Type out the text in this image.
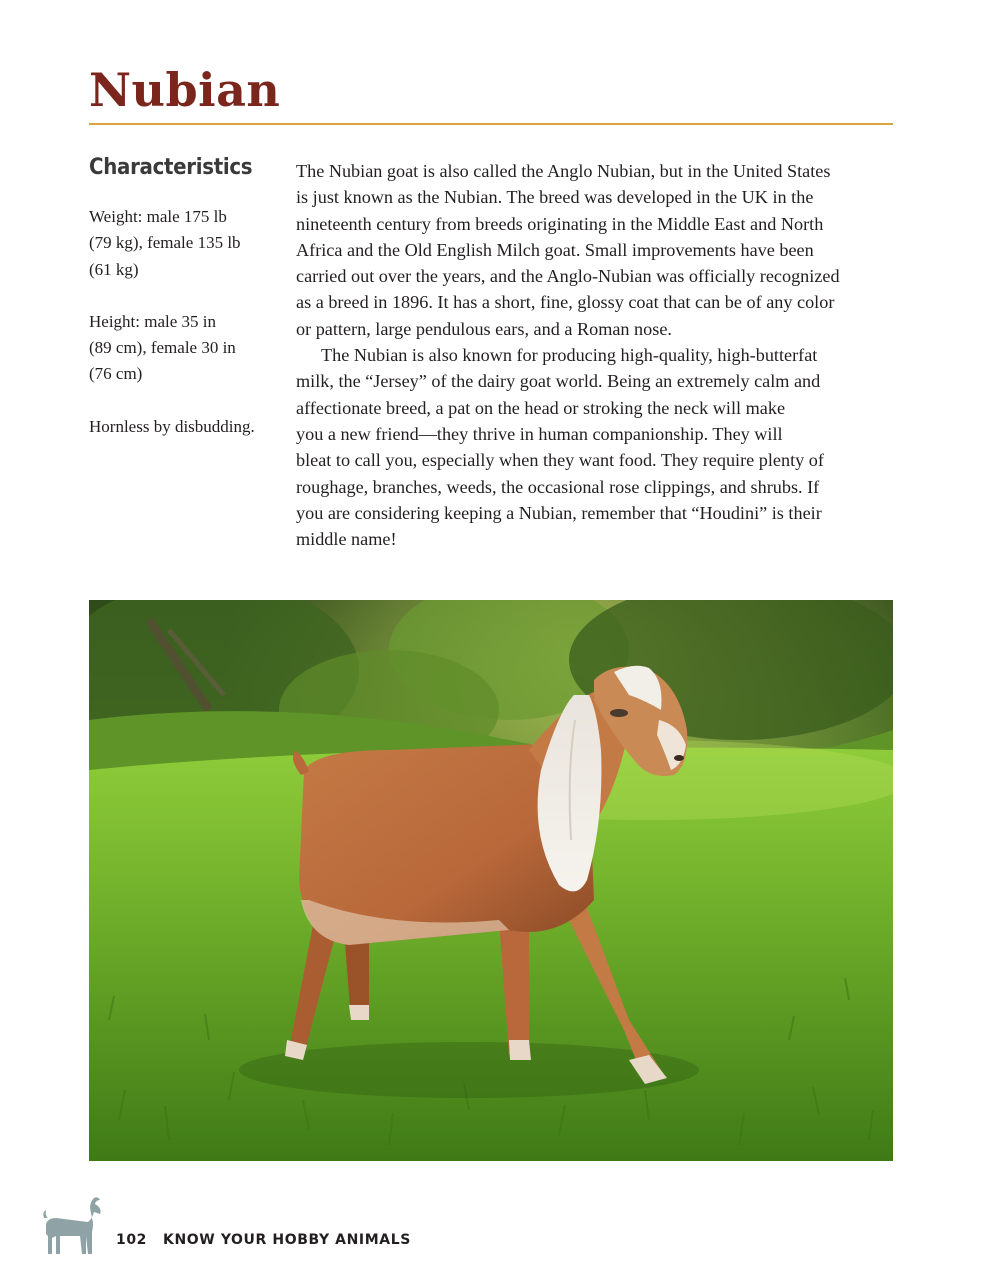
Nubian
Characteristics

Weight: male 175 lb
(79 kg), female 135 lb
(61 kg)

Height: male 35 in
(89 cm), female 30 in
(76 cm)

Hornless by disbudding.

The Nubian goat is also called the Anglo Nubian, but in the United States
is just known as the Nubian. The breed was developed in the UK in the
nineteenth century from breeds originating in the Middle East and North
Africa and the Old English Milch goat. Small improvements have been
carried out over the years, and the Anglo-Nubian was officially recognized
as a breed in 1896. It has a short, fine, glossy coat that can be of any color
or pattern, large pendulous ears, and a Roman nose.
The Nubian is also known for producing high-quality, high-butterfat
milk, the “Jersey” of the dairy goat world. Being an extremely calm and
affectionate breed, a pat on the head or stroking the neck will make
you a new friend—they thrive in human companionship. They will
bleat to call you, especially when they want food. They require plenty of
roughage, branches, weeds, the occasional rose clippings, and shrubs. If
you are considering keeping a Nubian, remember that “Houdini” is their
middle name!
102 KNOW YOUR HOBBY ANIMALS
